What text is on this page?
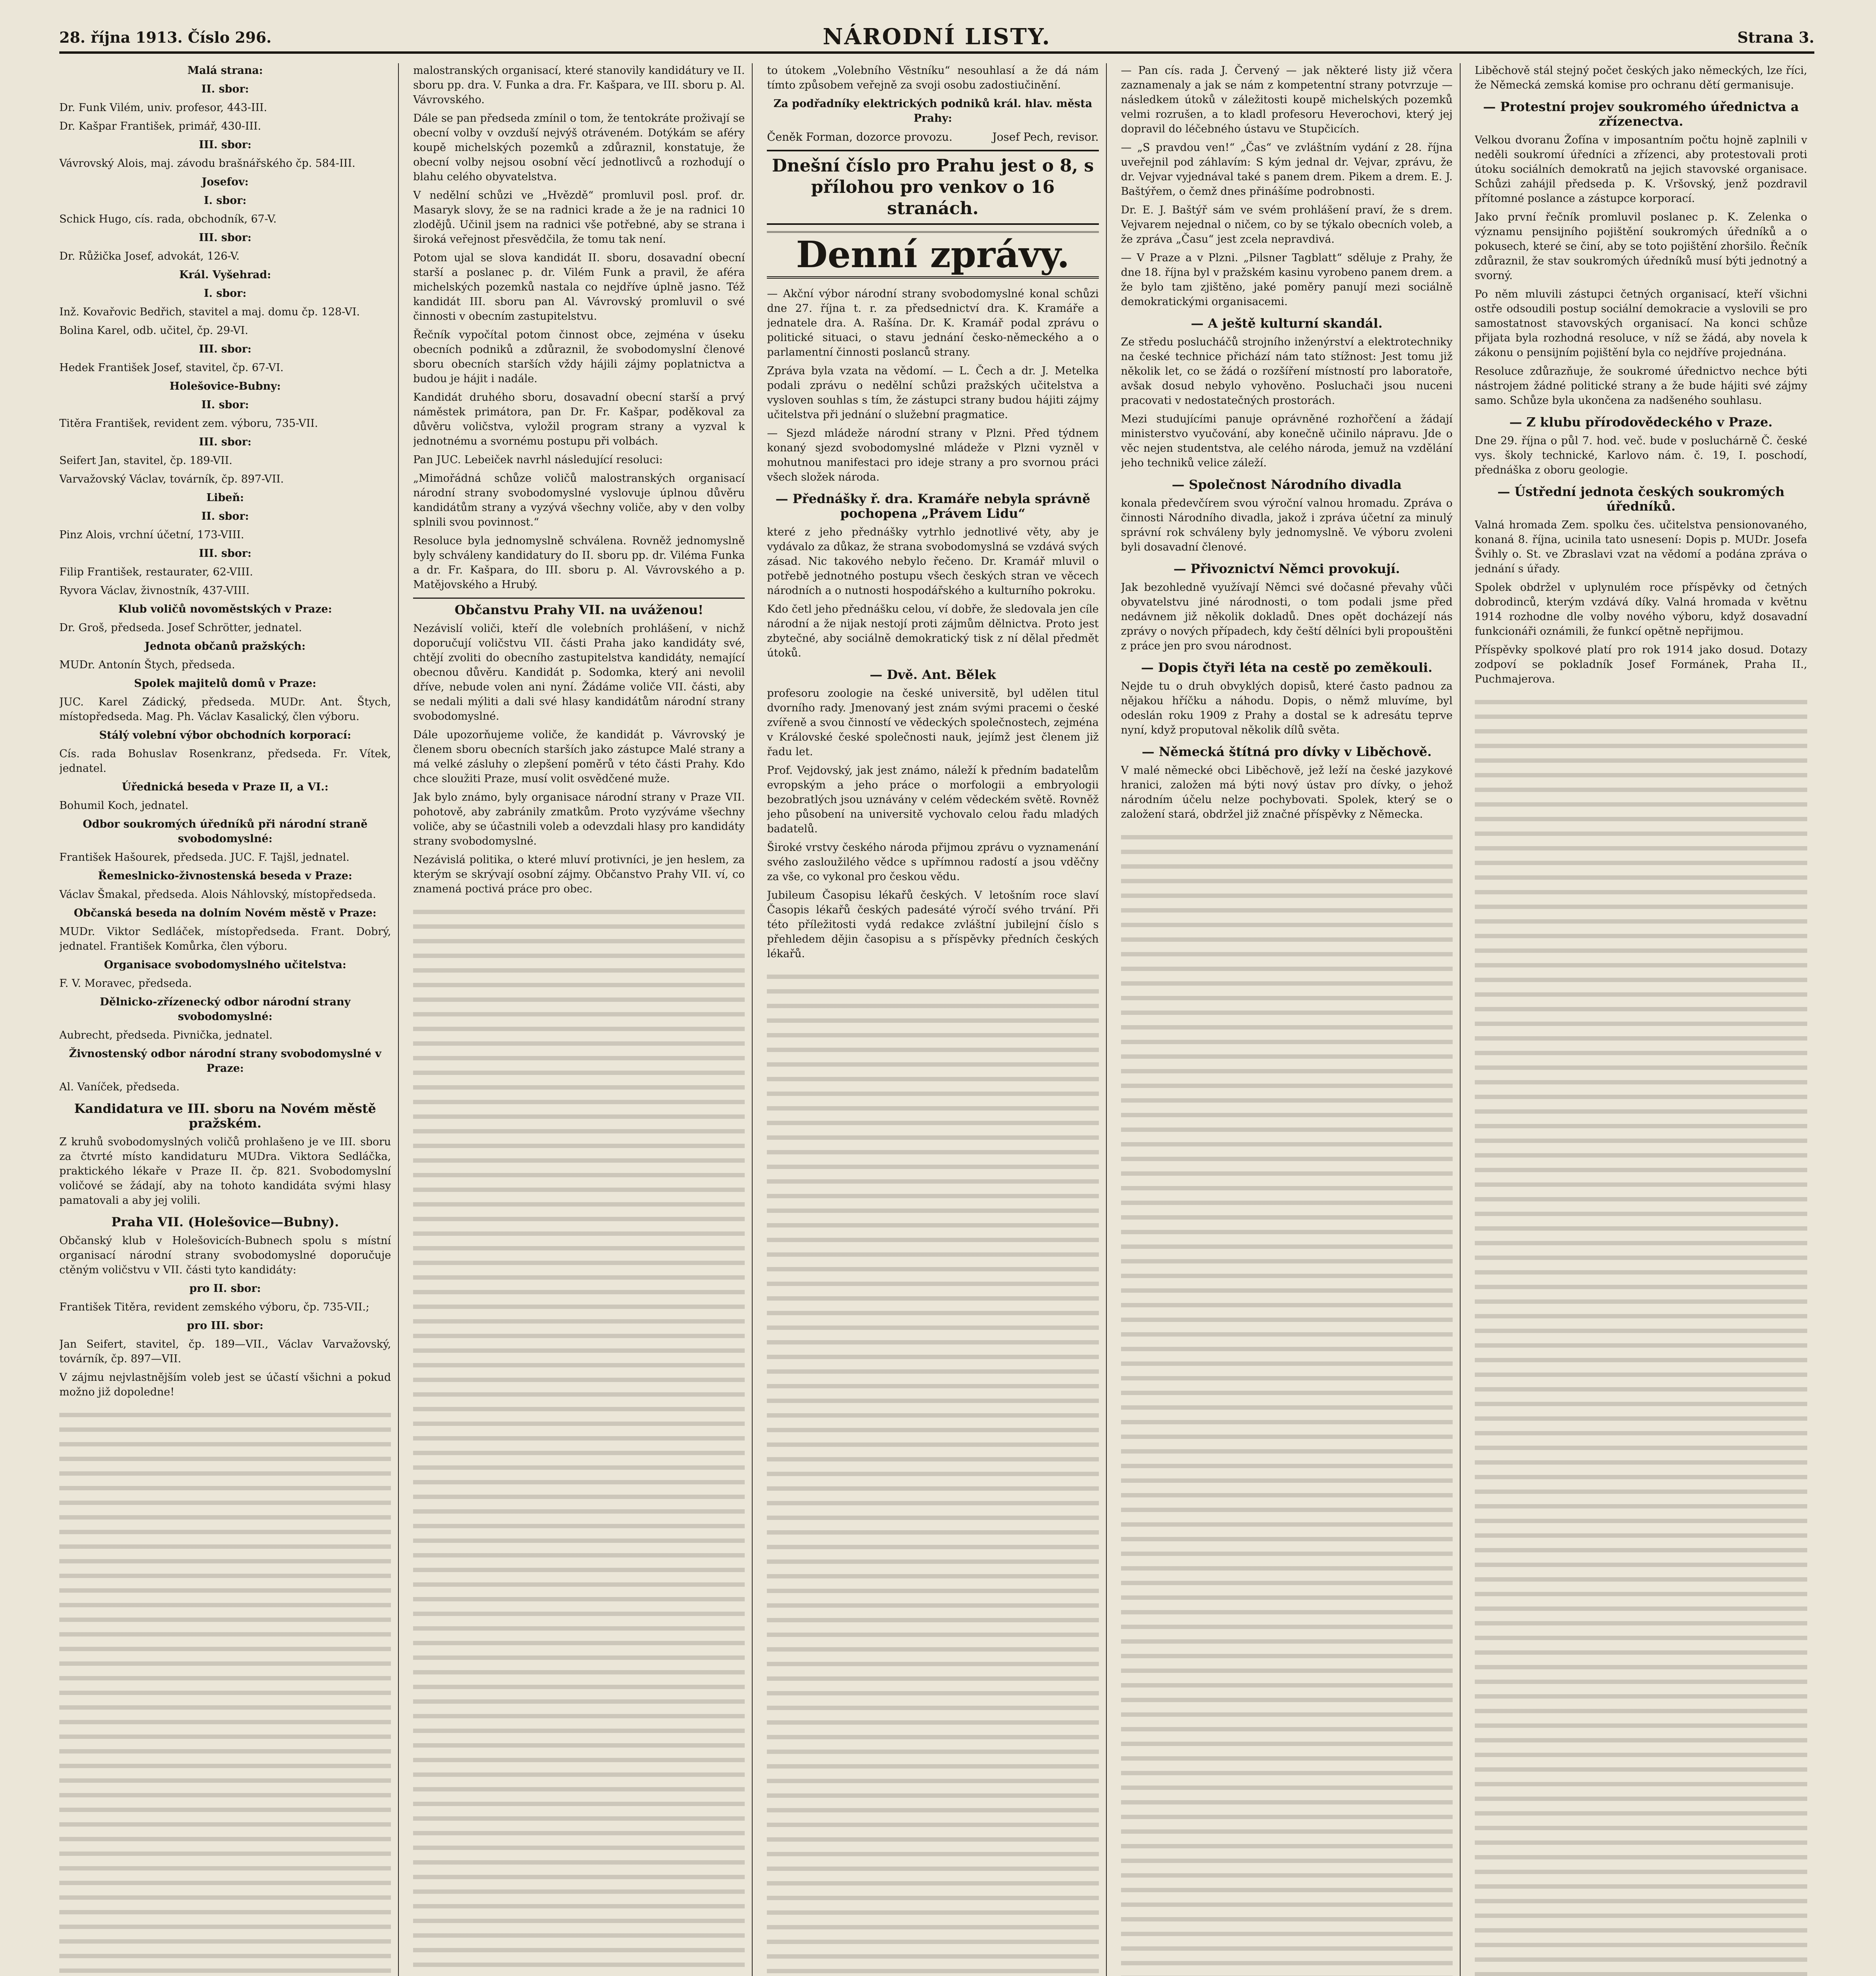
28. října 1913. Číslo 296.	NÁRODNÍ LISTY.	Strana 3.
Malá strana:
II. sbor:
Dr. Funk Vilém, univ. profesor, 443-III.
Dr. Kašpar František, primář, 430-III.
III. sbor:
Vávrovský Alois, maj. závodu brašnářského čp. 584-III.
Josefov:
I. sbor:
Schick Hugo, cís. rada, obchodník, 67-V.
III. sbor:
Dr. Růžička Josef, advokát, 126-V.
Král. Vyšehrad:
I. sbor:
Inž. Kovařovic Bedřich, stavitel a maj. domu čp. 128-VI.
Bolina Karel, odb. učitel, čp. 29-VI.
III. sbor:
Hedek František Josef, stavitel, čp. 67-VI.
Holešovice-Bubny:
II. sbor:
Titěra František, revident zem. výboru, 735-VII.
III. sbor:
Seifert Jan, stavitel, čp. 189-VII.
Varvažovský Václav, továrník, čp. 897-VII.
Libeň:
II. sbor:
Pinz Alois, vrchní účetní, 173-VIII.
III. sbor:
Filip František, restaurater, 62-VIII.
Ryvora Václav, živnostník, 437-VIII.
Klub voličů novoměstských v Praze:
Dr. Groš, předseda. Josef Schrötter, jednatel.
Jednota občanů pražských:
MUDr. Antonín Štych, předseda.
Spolek majitelů domů v Praze:
JUC. Karel Zádický, předseda. MUDr. Ant. Štych, místopředseda. Mag. Ph. Václav Kasalický, člen výboru.
Stálý volební výbor obchodních korporací:
Cís. rada Bohuslav Rosenkranz, předseda. Fr. Vítek, jednatel.
Úřednická beseda v Praze II, a VI.:
Bohumil Koch, jednatel.
Odbor soukromých úředníků při národní straně svobodomyslné:
František Hašourek, předseda. JUC. F. Tajšl, jednatel.
Řemeslnicko-živnostenská beseda v Praze:
Václav Šmakal, předseda. Alois Náhlovský, místopředseda.
Občanská beseda na dolním Novém městě v Praze:
MUDr. Viktor Sedláček, místopředseda. Frant. Dobrý, jednatel. František Komůrka, člen výboru.
Organisace svobodomyslného učitelstva:
F. V. Moravec, předseda.
Dělnicko-zřízenecký odbor národní strany svobodomyslné:
Aubrecht, předseda. Pivnička, jednatel.
Živnostenský odbor národní strany svobodomyslné v Praze:
Al. Vaníček, předseda.
Kandidatura ve III. sboru na Novém městě pražském.
Z kruhů svobodomyslných voličů prohlašeno je ve III. sboru za čtvrté místo kandidaturu MUDra. Viktora Sedláčka, praktického lékaře v Praze II. čp. 821. Svobodomyslní voličové se žádají, aby na tohoto kandidáta svými hlasy pamatovali a aby jej volili.
Praha VII. (Holešovice—Bubny).
Občanský klub v Holešovicích-Bubnech spolu s místní organisací národní strany svobodomyslné doporučuje ctěným voličstvu v VII. části tyto kandidáty:
pro II. sbor:
František Titěra, revident zemského výboru, čp. 735-VII.;
pro III. sbor:
Jan Seifert, stavitel, čp. 189—VII., Václav Varvažovský, továrník, čp. 897—VII.
V zájmu nejvlastnějším voleb jest se účastí všichni a pokud možno již dopoledne!
malostranských organisací, které stanovily kandidátury ve II. sboru pp. dra. V. Funka a dra. Fr. Kašpara, ve III. sboru p. Al. Vávrovského.
Dále se pan předseda zmínil o tom, že tentokráte proživají se obecní volby v ovzduší nejvýš otráveném. Dotýkám se aféry koupě michelských pozemků a zdůraznil, konstatuje, že obecní volby nejsou osobní věcí jednotlivců a rozhodují o blahu celého obyvatelstva.
V nedělní schůzi ve „Hvězdě“ promluvil posl. prof. dr. Masaryk slovy, že se na radnici krade a že je na radnici 10 zlodějů. Učinil jsem na radnici vše potřebné, aby se strana i široká veřejnost přesvědčila, že tomu tak není.
Potom ujal se slova kandidát II. sboru, dosavadní obecní starší a poslanec p. dr. Vilém Funk a pravil, že aféra michelských pozemků nastala co nejdříve úplně jasno. Též kandidát III. sboru pan Al. Vávrovský promluvil o své činnosti v obecním zastupitelstvu.
Řečník vypočítal potom činnost obce, zejména v úseku obecních podniků a zdůraznil, že svobodomyslní členové sboru obecních starších vždy hájili zájmy poplatnictva a budou je hájit i nadále.
Kandidát druhého sboru, dosavadní obecní starší a prvý náměstek primátora, pan Dr. Fr. Kašpar, poděkoval za důvěru voličstva, vyložil program strany a vyzval k jednotnému a svornému postupu při volbách.
Pan JUC. Lebeiček navrhl následující resoluci:
„Mimořádná schůze voličů malostranských organisací národní strany svobodomyslné vyslovuje úplnou důvěru kandidátům strany a vyzývá všechny voliče, aby v den volby splnili svou povinnost.“
Resoluce byla jednomyslně schválena. Rovněž jednomyslně byly schváleny kandidatury do II. sboru pp. dr. Viléma Funka a dr. Fr. Kašpara, do III. sboru p. Al. Vávrovského a p. Matějovského a Hrubý.
Občanstvu Prahy VII. na uváženou!
Nezávislí voliči, kteří dle volebních prohlášení, v nichž doporučují voličstvu VII. části Praha jako kandidáty své, chtějí zvoliti do obecního zastupitelstva kandidáty, nemající obecnou důvěru. Kandidát p. Sodomka, který ani nevolil dříve, nebude volen ani nyní. Žádáme voliče VII. části, aby se nedali mýliti a dali své hlasy kandidátům národní strany svobodomyslné.
Dále upozorňujeme voliče, že kandidát p. Vávrovský je členem sboru obecních starších jako zástupce Malé strany a má velké zásluhy o zlepšení poměrů v této části Prahy. Kdo chce sloužiti Praze, musí volit osvědčené muže.
Jak bylo známo, byly organisace národní strany v Praze VII. pohotově, aby zabránily zmatkům. Proto vyzýváme všechny voliče, aby se účastnili voleb a odevzdali hlasy pro kandidáty strany svobodomyslné.
Nezávislá politika, o které mluví protivníci, je jen heslem, za kterým se skrývají osobní zájmy. Občanstvo Prahy VII. ví, co znamená poctivá práce pro obec.
to útokem „Volebního Věstníku“ nesouhlasí a že dá nám tímto způsobem veřejně za svoji osobu zadostiučinění.
Za podřadníky elektrických podniků král. hlav. města Prahy:
Čeněk Forman, dozorce provozu.	Josef Pech, revisor.
Dnešní číslo pro Prahu jest o 8, s přílohou pro venkov o 16 stranách.
Denní zprávy.
— Akční výbor národní strany svobodomyslné konal schůzi dne 27. října t. r. za předsednictví dra. K. Kramáře a jednatele dra. A. Rašína. Dr. K. Kramář podal zprávu o politické situaci, o stavu jednání česko-německého a o parlamentní činnosti poslanců strany.
Zpráva byla vzata na vědomí. — L. Čech a dr. J. Metelka podali zprávu o nedělní schůzi pražských učitelstva a vysloven souhlas s tím, že zástupci strany budou hájiti zájmy učitelstva při jednání o služební pragmatice.
— Sjezd mládeže národní strany v Plzni. Před týdnem konaný sjezd svobodomyslné mládeže v Plzni vyzněl v mohutnou manifestaci pro ideje strany a pro svornou práci všech složek národa.
— Přednášky ř. dra. Kramáře nebyla správně pochopena „Právem Lidu“
které z jeho přednášky vytrhlo jednotlivé věty, aby je vydávalo za důkaz, že strana svobodomyslná se vzdává svých zásad. Nic takového nebylo řečeno. Dr. Kramář mluvil o potřebě jednotného postupu všech českých stran ve věcech národních a o nutnosti hospodářského a kulturního pokroku.
Kdo četl jeho přednášku celou, ví dobře, že sledovala jen cíle národní a že nijak nestojí proti zájmům dělnictva. Proto jest zbytečné, aby sociálně demokratický tisk z ní dělal předmět útoků.
— Dvě. Ant. Bělek
profesoru zoologie na české universitě, byl udělen titul dvorního rady. Jmenovaný jest znám svými pracemi o české zvířeně a svou činností ve vědeckých společnostech, zejména v Královské české společnosti nauk, jejímž jest členem již řadu let.
Prof. Vejdovský, jak jest známo, náleží k předním badatelům evropským a jeho práce o morfologii a embryologii bezobratlých jsou uznávány v celém vědeckém světě. Rovněž jeho působení na universitě vychovalo celou řadu mladých badatelů.
Široké vrstvy českého národa přijmou zprávu o vyznamenání svého zasloužilého vědce s upřímnou radostí a jsou vděčny za vše, co vykonal pro českou vědu.
Jubileum Časopisu lékařů českých. V letošním roce slaví Časopis lékařů českých padesáté výročí svého trvání. Při této příležitosti vydá redakce zvláštní jubilejní číslo s přehledem dějin časopisu a s příspěvky předních českých lékařů.
— Pan cís. rada J. Červený — jak některé listy již včera zaznamenaly a jak se nám z kompetentní strany potvrzuje — následkem útoků v záležitosti koupě michelských pozemků velmi rozrušen, a to kladl profesoru Heverochovi, který jej dopravil do léčebného ústavu ve Stupčicích.
— „S pravdou ven!“ „Čas“ ve zvláštním vydání z 28. října uveřejnil pod záhlavím: S kým jednal dr. Vejvar, zprávu, že dr. Vejvar vyjednával také s panem drem. Pikem a drem. E. J. Baštýřem, o čemž dnes přinášíme podrobnosti.
Dr. E. J. Baštýř sám ve svém prohlášení praví, že s drem. Vejvarem nejednal o ničem, co by se týkalo obecních voleb, a že zpráva „Času“ jest zcela nepravdivá.
— V Praze a v Plzni. „Pilsner Tagblatt“ sděluje z Prahy, že dne 18. října byl v pražském kasinu vyrobeno panem drem. a že bylo tam zjištěno, jaké poměry panují mezi sociálně demokratickými organisacemi.
— A ještě kulturní skandál.
Ze středu poslucháčů strojního inženýrství a elektrotechniky na české technice přichází nám tato stížnost: Jest tomu již několik let, co se žádá o rozšíření místností pro laboratoře, avšak dosud nebylo vyhověno. Posluchači jsou nuceni pracovati v nedostatečných prostorách.
Mezi studujícími panuje oprávněné rozhořčení a žádají ministerstvo vyučování, aby konečně učinilo nápravu. Jde o věc nejen studentstva, ale celého národa, jemuž na vzdělání jeho techniků velice záleží.
— Společnost Národního divadla
konala předevčírem svou výroční valnou hromadu. Zpráva o činnosti Národního divadla, jakož i zpráva účetní za minulý správní rok schváleny byly jednomyslně. Ve výboru zvoleni byli dosavadní členové.
— Přivoznictví Němci provokují.
Jak bezohledně využívají Němci své dočasné převahy vůči obyvatelstvu jiné národnosti, o tom podali jsme před nedávnem již několik dokladů. Dnes opět docházejí nás zprávy o nových případech, kdy čeští dělníci byli propouštěni z práce jen pro svou národnost.
— Dopis čtyři léta na cestě po zeměkouli.
Nejde tu o druh obvyklých dopisů, které často padnou za nějakou hříčku a náhodu. Dopis, o němž mluvíme, byl odeslán roku 1909 z Prahy a dostal se k adresátu teprve nyní, když proputoval několik dílů světa.
— Německá štítná pro dívky v Liběchově.
V malé německé obci Liběchově, jež leží na české jazykové hranici, založen má býti nový ústav pro dívky, o jehož národním účelu nelze pochybovati. Spolek, který se o založení stará, obdržel již značné příspěvky z Německa.
Liběchově stál stejný počet českých jako německých, lze říci, že Německá zemská komise pro ochranu dětí germanisuje.
— Protestní projev soukromého úřednictva a zřízenectva.
Velkou dvoranu Žofína v imposantním počtu hojně zaplnili v neděli soukromí úředníci a zřízenci, aby protestovali proti útoku sociálních demokratů na jejich stavovské organisace. Schůzi zahájil předseda p. K. Vršovský, jenž pozdravil přítomné poslance a zástupce korporací.
Jako první řečník promluvil poslanec p. K. Zelenka o významu pensijního pojištění soukromých úředníků a o pokusech, které se činí, aby se toto pojištění zhoršilo. Řečník zdůraznil, že stav soukromých úředníků musí býti jednotný a svorný.
Po něm mluvili zástupci četných organisací, kteří všichni ostře odsoudili postup sociální demokracie a vyslovili se pro samostatnost stavovských organisací. Na konci schůze přijata byla rozhodná resoluce, v níž se žádá, aby novela k zákonu o pensijním pojištění byla co nejdříve projednána.
Resoluce zdůrazňuje, že soukromé úřednictvo nechce býti nástrojem žádné politické strany a že bude hájiti své zájmy samo. Schůze byla ukončena za nadšeného souhlasu.
— Z klubu přírodovědeckého v Praze.
Dne 29. října o půl 7. hod. več. bude v posluchárně Č. české vys. školy technické, Karlovo nám. č. 19, I. poschodí, přednáška z oboru geologie.
— Ústřední jednota českých soukromých úředníků.
Valná hromada Zem. spolku čes. učitelstva pensionovaného, konaná 8. října, ucinila tato usnesení: Dopis p. MUDr. Josefa Švihly o. St. ve Zbraslavi vzat na vědomí a podána zpráva o jednání s úřady.
Spolek obdržel v uplynulém roce příspěvky od četných dobrodinců, kterým vzdává díky. Valná hromada v květnu 1914 rozhodne dle volby nového výboru, když dosavadní funkcionáři oznámili, že funkcí opětně nepřijmou.
Příspěvky spolkové platí pro rok 1914 jako dosud. Dotazy zodpoví se pokladník Josef Formánek, Praha II., Puchmajerova.
